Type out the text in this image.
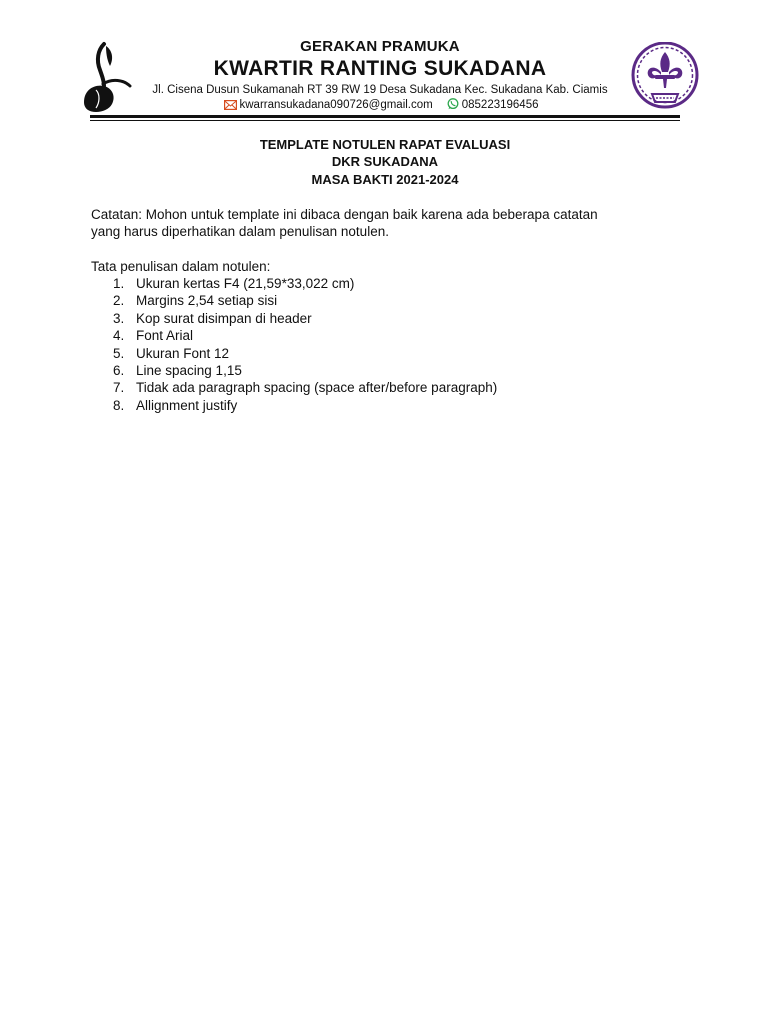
GERAKAN PRAMUKA
KWARTIR RANTING SUKADANA
Jl. Cisena Dusun Sukamanah RT 39 RW 19 Desa Sukadana Kec. Sukadana Kab. Ciamis
kwarransukadana090726@gmail.com	085223196456
TEMPLATE NOTULEN RAPAT EVALUASI
DKR SUKADANA
MASA BAKTI 2021-2024
Catatan: Mohon untuk template ini dibaca dengan baik karena ada beberapa catatan
yang harus diperhatikan dalam penulisan notulen.
Tata penulisan dalam notulen:
1. Ukuran kertas F4 (21,59*33,022 cm)
2. Margins 2,54 setiap sisi
3. Kop surat disimpan di header
4. Font Arial
5. Ukuran Font 12
6. Line spacing 1,15
7. Tidak ada paragraph spacing (space after/before paragraph)
8. Allignment justify
